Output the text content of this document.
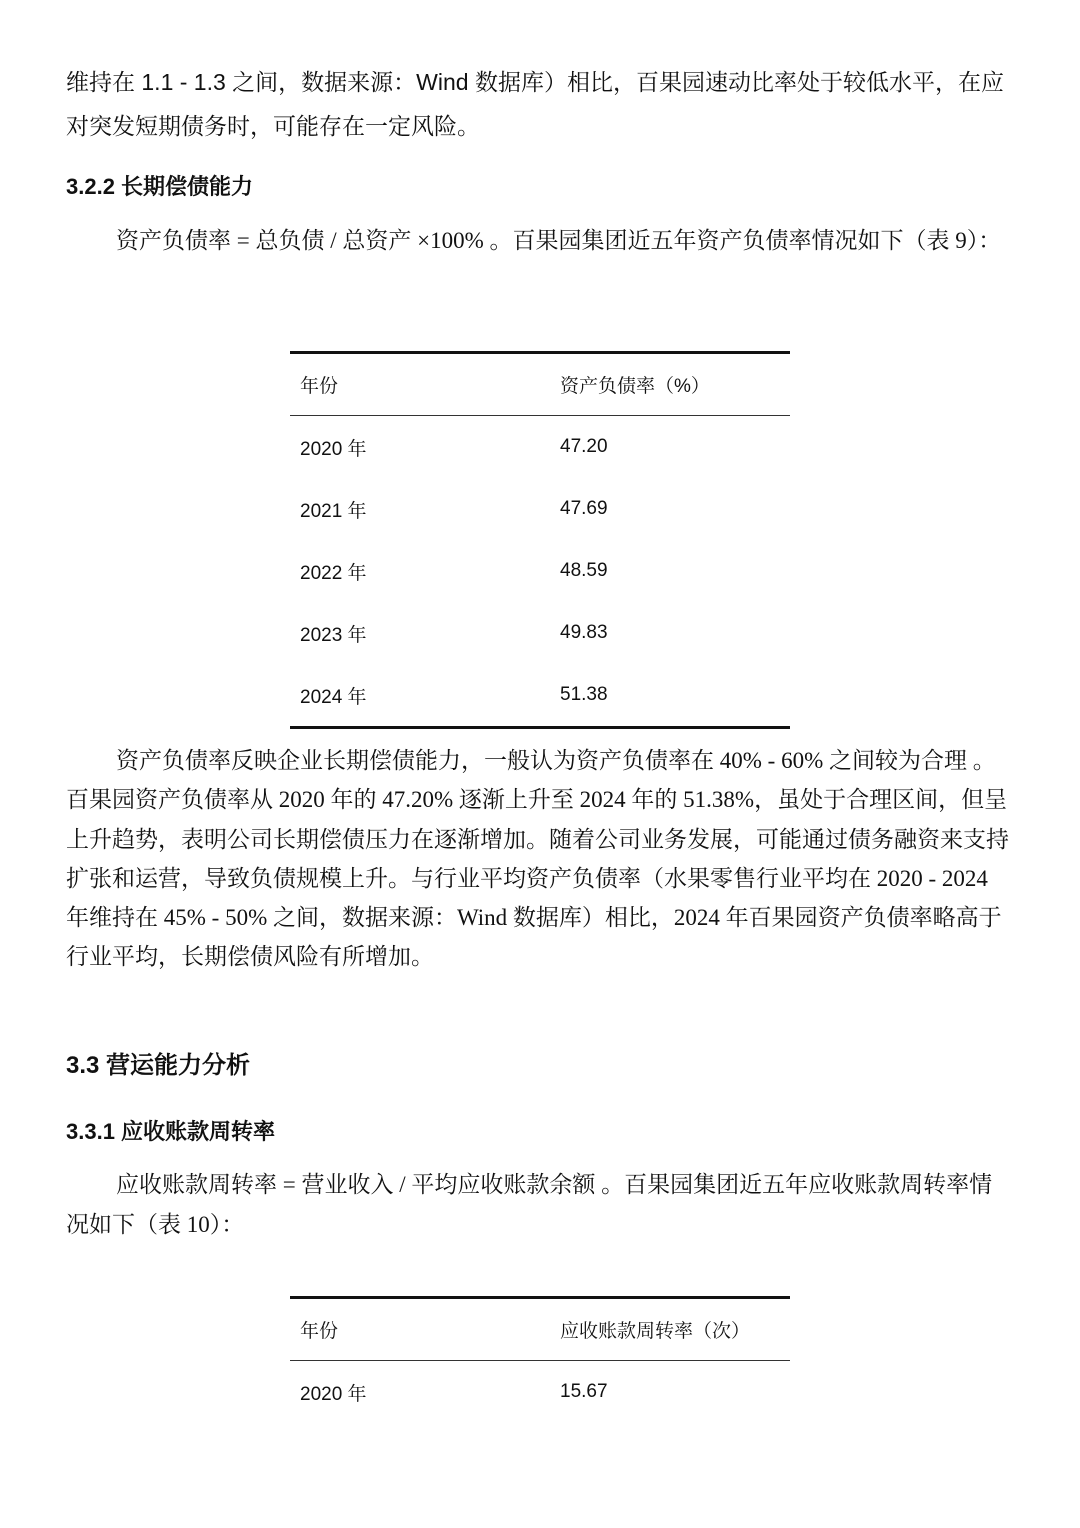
维持在 1.1 - 1.3 之间，数据来源：Wind 数据库）相比，百果园速动比率处于较低水平，在应对突发短期债务时，可能存在一定风险。

3.2.2 长期偿债能力

资产负债率 = 总负债 / 总资产 ×100% 。百果园集团近五年资产负债率情况如下（表 9）：

年份	资产负债率（%）
2020 年	47.20
2021 年	47.69
2022 年	48.59
2023 年	49.83
2024 年	51.38

资产负债率反映企业长期偿债能力，一般认为资产负债率在 40% - 60% 之间较为合理 。百果园资产负债率从 2020 年的 47.20% 逐渐上升至 2024 年的 51.38%，虽处于合理区间，但呈上升趋势，表明公司长期偿债压力在逐渐增加。随着公司业务发展，可能通过债务融资来支持扩张和运营，导致负债规模上升。与行业平均资产负债率（水果零售行业平均在 2020 - 2024 年维持在 45% - 50% 之间，数据来源：Wind 数据库）相比，2024 年百果园资产负债率略高于行业平均，长期偿债风险有所增加。

3.3 营运能力分析
3.3.1 应收账款周转率

应收账款周转率 = 营业收入 / 平均应收账款余额 。百果园集团近五年应收账款周转率情况如下（表 10）：

年份	应收账款周转率（次）
2020 年	15.67
